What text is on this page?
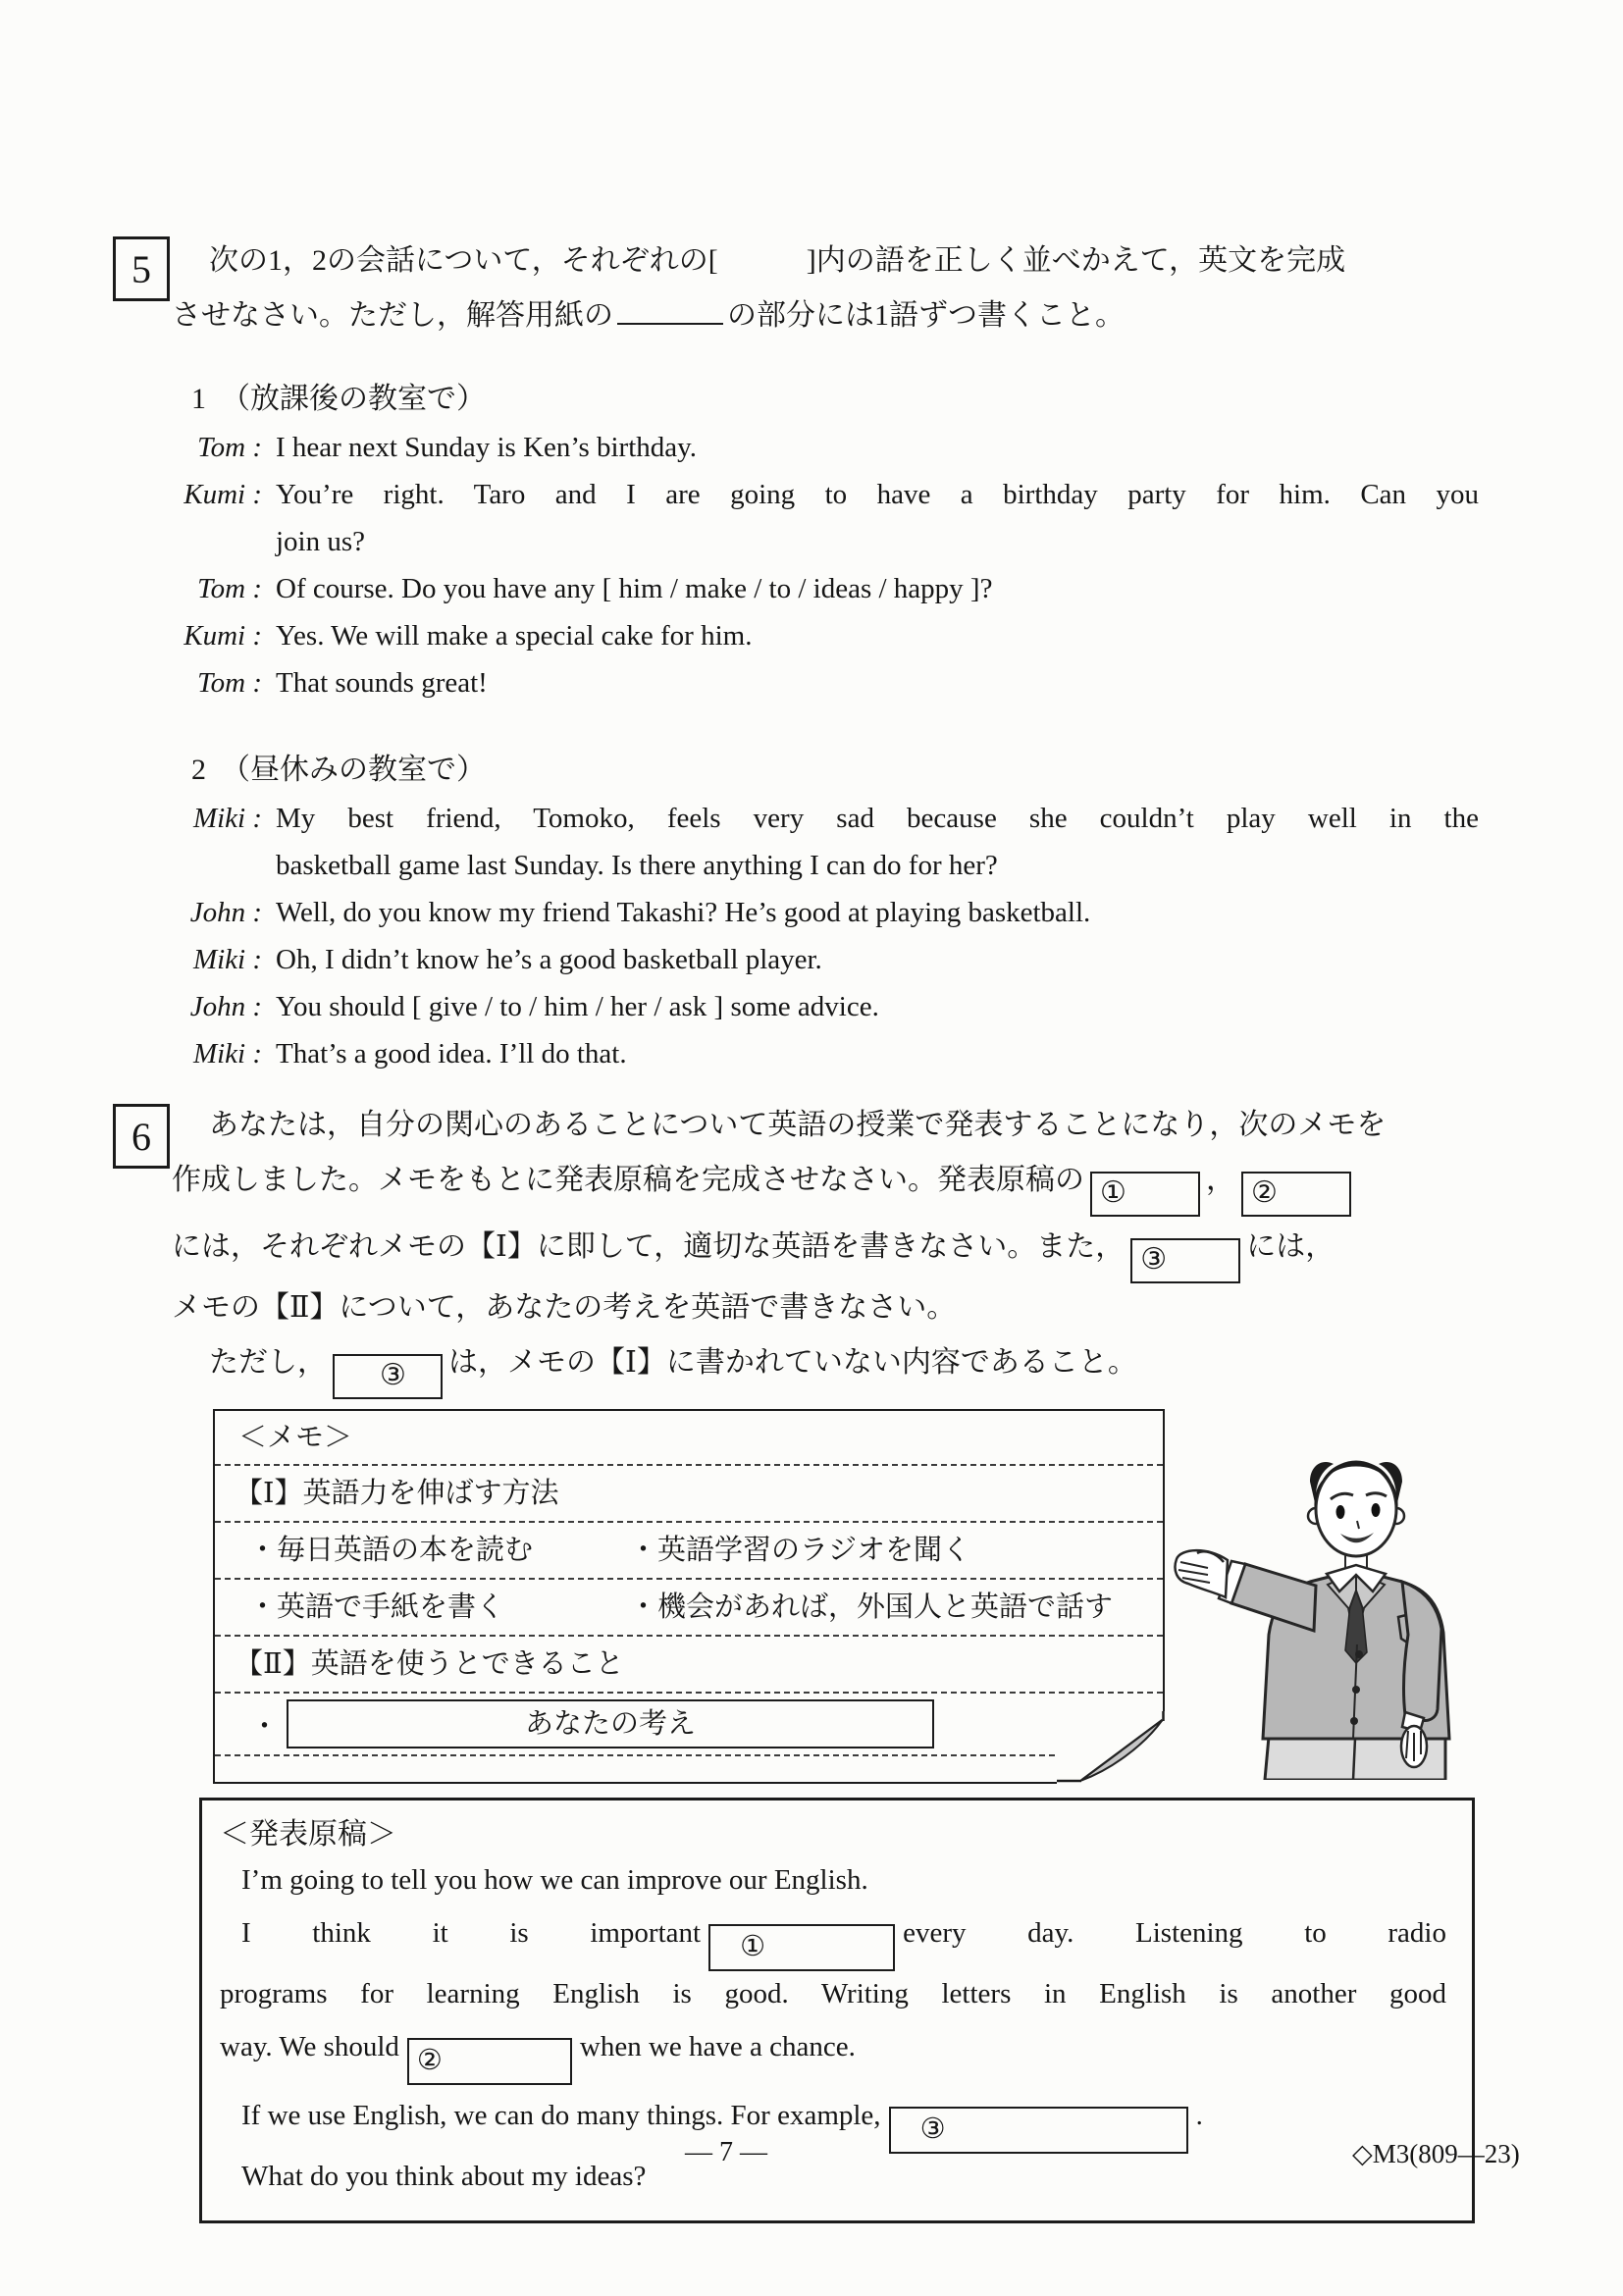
5	次の1，2の会話について，それぞれの[　　　]内の語を正しく並べかえて，英文を完成
させなさい。ただし，解答用紙の	の部分には1語ずつ書くこと。
1　（放課後の教室で）
Tom : I hear next Sunday is Ken’s birthday.
Kumi : You’re right. Taro and I are going to have a birthday party for him. Can you
join us?
Tom : Of course. Do you have any [ him / make / to / ideas / happy ]?
Kumi : Yes. We will make a special cake for him.
Tom : That sounds great!
2　（昼休みの教室で）
Miki : My best friend, Tomoko, feels very sad because she couldn’t play well in the
basketball game last Sunday. Is there anything I can do for her?
John : Well, do you know my friend Takashi? He’s good at playing basketball.
Miki : Oh, I didn’t know he’s a good basketball player.
John : You should [ give / to / him / her / ask ] some advice.
Miki : That’s a good idea. I’ll do that.
6	あなたは，自分の関心のあることについて英語の授業で発表することになり，次のメモを
作成しました。メモをもとに発表原稿を完成させなさい。発表原稿の ①	， ②
には，それぞれメモの【Ⅰ】に即して，適切な英語を書きなさい。また， ③	には，
メモの【Ⅱ】について，あなたの考えを英語で書きなさい。
ただし， ③ は，メモの【Ⅰ】に書かれていない内容であること。
＜メモ＞
【Ⅰ】英語力を伸ばす方法
・毎日英語の本を読む	・英語学習のラジオを聞く
・英語で手紙を書く	・機会があれば，外国人と英語で話す
【Ⅱ】英語を使うとできること
・	あなたの考え
＜発表原稿＞
I’m going to tell you how we can improve our English.
I think it is important ①	every day. Listening to radio
programs for learning English is good. Writing letters in English is another good
way. We should ②	when we have a chance.
If we use English, we can do many things. For example, ③	.
What do you think about my ideas?
— 7 —	◇M3(809—23)
